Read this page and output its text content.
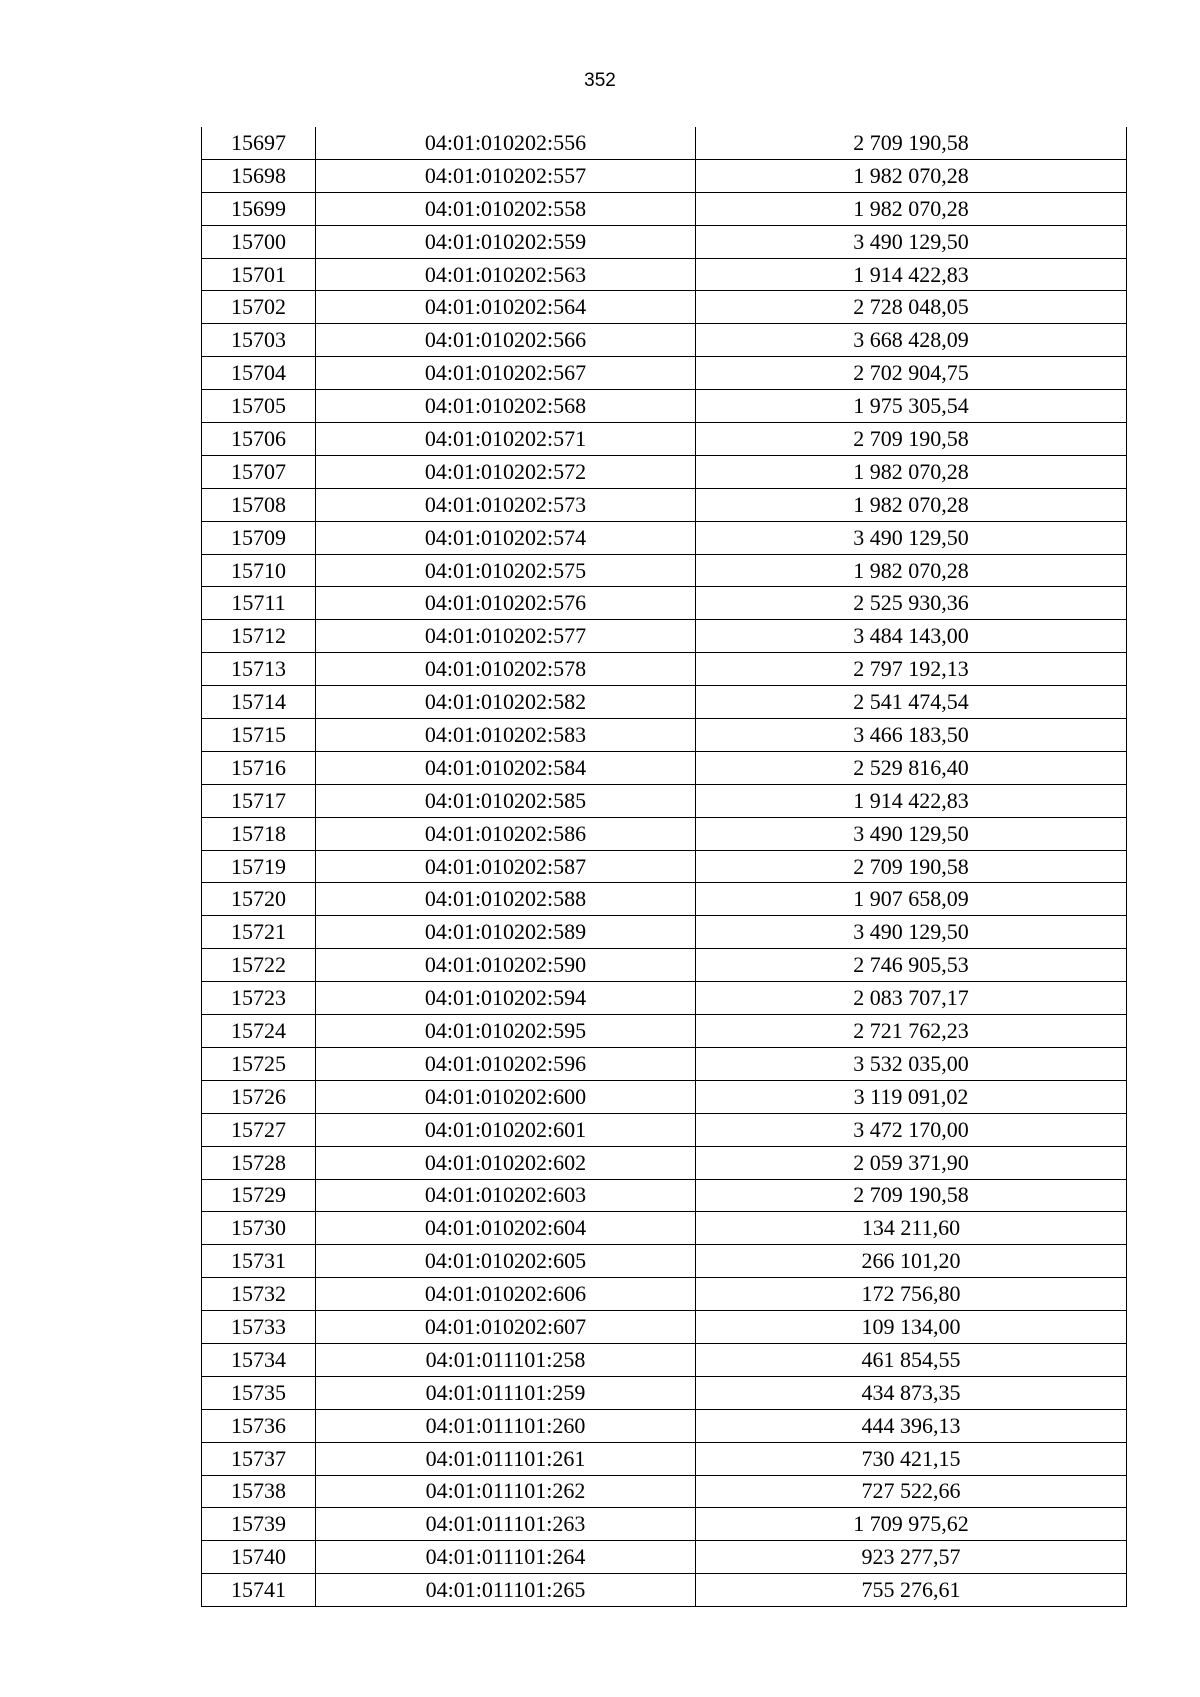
352
15697	04:01:010202:556	2 709 190,58
15698	04:01:010202:557	1 982 070,28
15699	04:01:010202:558	1 982 070,28
15700	04:01:010202:559	3 490 129,50
15701	04:01:010202:563	1 914 422,83
15702	04:01:010202:564	2 728 048,05
15703	04:01:010202:566	3 668 428,09
15704	04:01:010202:567	2 702 904,75
15705	04:01:010202:568	1 975 305,54
15706	04:01:010202:571	2 709 190,58
15707	04:01:010202:572	1 982 070,28
15708	04:01:010202:573	1 982 070,28
15709	04:01:010202:574	3 490 129,50
15710	04:01:010202:575	1 982 070,28
15711	04:01:010202:576	2 525 930,36
15712	04:01:010202:577	3 484 143,00
15713	04:01:010202:578	2 797 192,13
15714	04:01:010202:582	2 541 474,54
15715	04:01:010202:583	3 466 183,50
15716	04:01:010202:584	2 529 816,40
15717	04:01:010202:585	1 914 422,83
15718	04:01:010202:586	3 490 129,50
15719	04:01:010202:587	2 709 190,58
15720	04:01:010202:588	1 907 658,09
15721	04:01:010202:589	3 490 129,50
15722	04:01:010202:590	2 746 905,53
15723	04:01:010202:594	2 083 707,17
15724	04:01:010202:595	2 721 762,23
15725	04:01:010202:596	3 532 035,00
15726	04:01:010202:600	3 119 091,02
15727	04:01:010202:601	3 472 170,00
15728	04:01:010202:602	2 059 371,90
15729	04:01:010202:603	2 709 190,58
15730	04:01:010202:604	134 211,60
15731	04:01:010202:605	266 101,20
15732	04:01:010202:606	172 756,80
15733	04:01:010202:607	109 134,00
15734	04:01:011101:258	461 854,55
15735	04:01:011101:259	434 873,35
15736	04:01:011101:260	444 396,13
15737	04:01:011101:261	730 421,15
15738	04:01:011101:262	727 522,66
15739	04:01:011101:263	1 709 975,62
15740	04:01:011101:264	923 277,57
15741	04:01:011101:265	755 276,61
